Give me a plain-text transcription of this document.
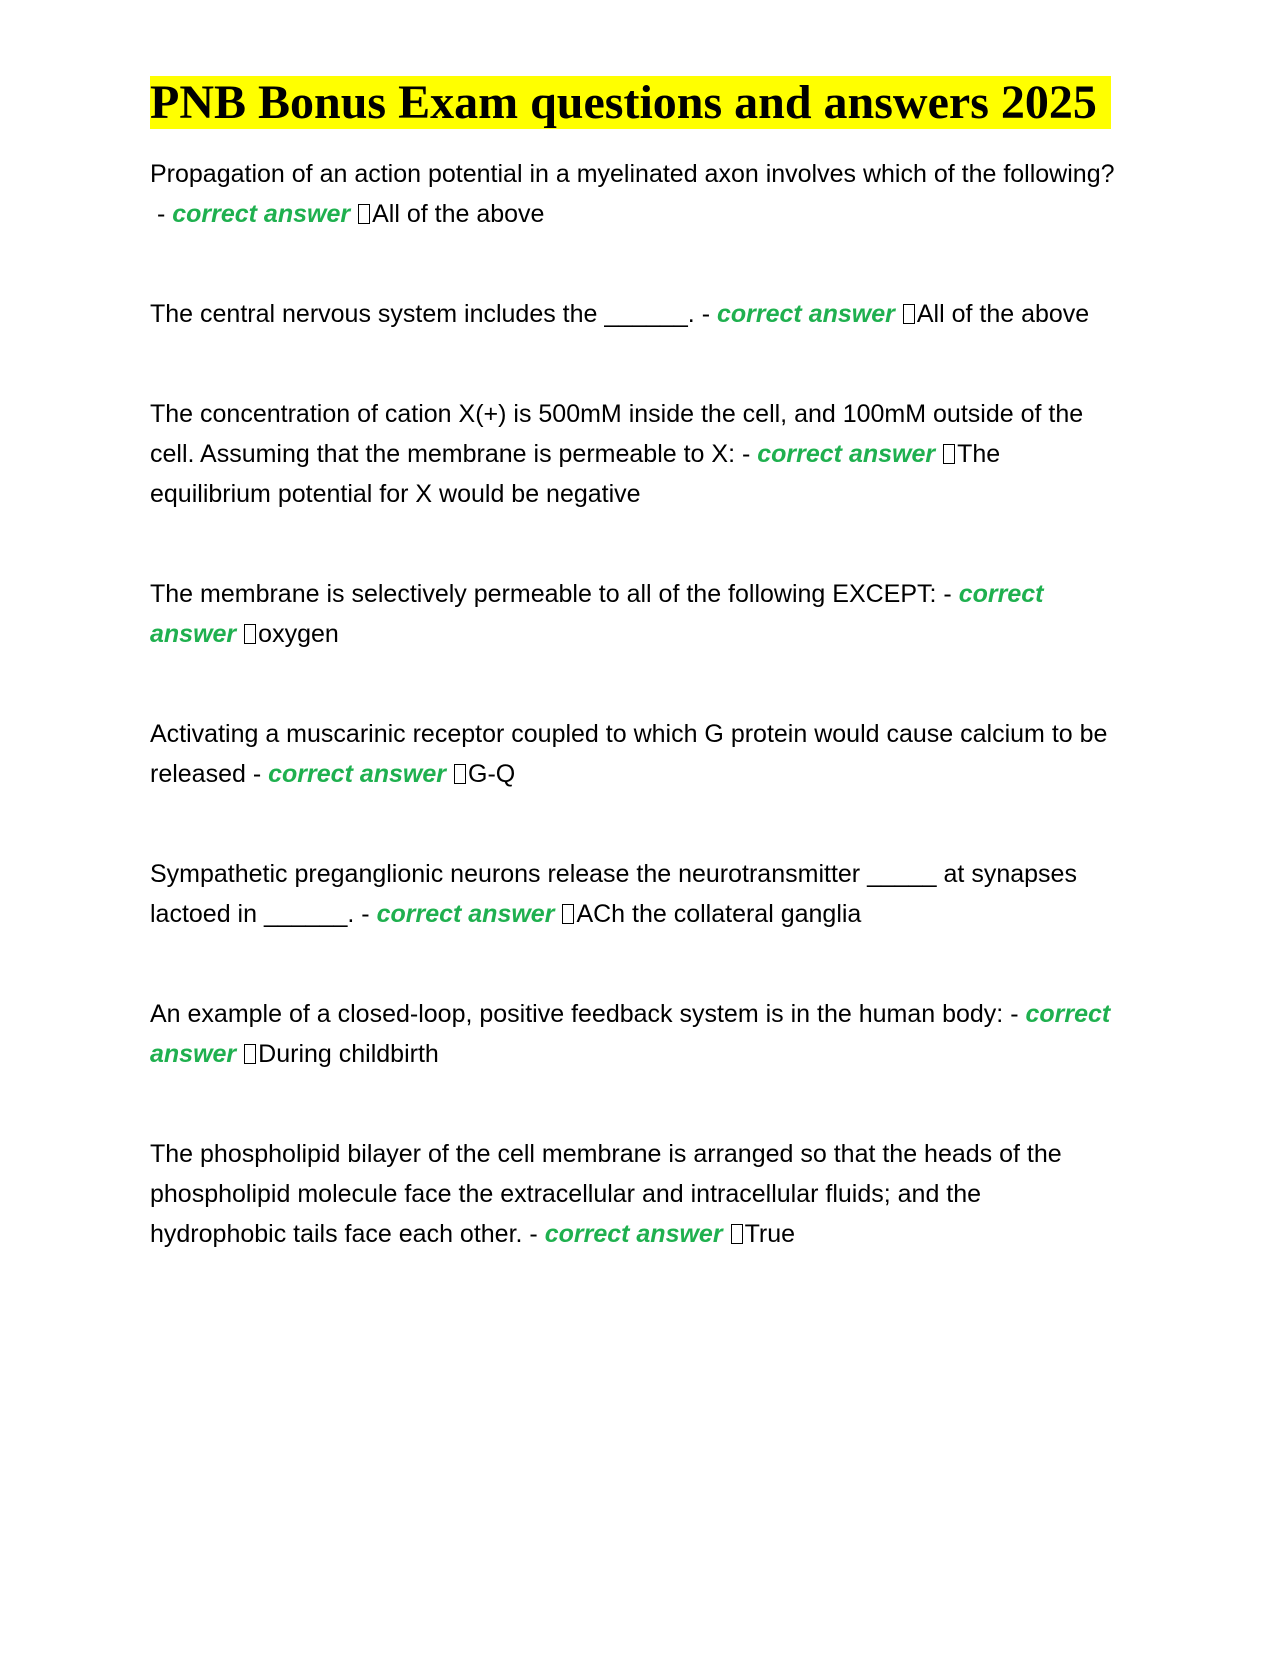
PNB Bonus Exam questions and answers 2025

Propagation of an action potential in a myelinated axon involves which of the following? - correct answer All of the above

The central nervous system includes the ______. - correct answer All of the above

The concentration of cation X(+) is 500mM inside the cell, and 100mM outside of the cell. Assuming that the membrane is permeable to X: - correct answer The equilibrium potential for X would be negative

The membrane is selectively permeable to all of the following EXCEPT: - correct answer oxygen

Activating a muscarinic receptor coupled to which G protein would cause calcium to be released - correct answer G-Q

Sympathetic preganglionic neurons release the neurotransmitter _____ at synapses lactoed in ______. - correct answer ACh the collateral ganglia

An example of a closed-loop, positive feedback system is in the human body: - correct answer During childbirth

The phospholipid bilayer of the cell membrane is arranged so that the heads of the phospholipid molecule face the extracellular and intracellular fluids; and the hydrophobic tails face each other. - correct answer True
